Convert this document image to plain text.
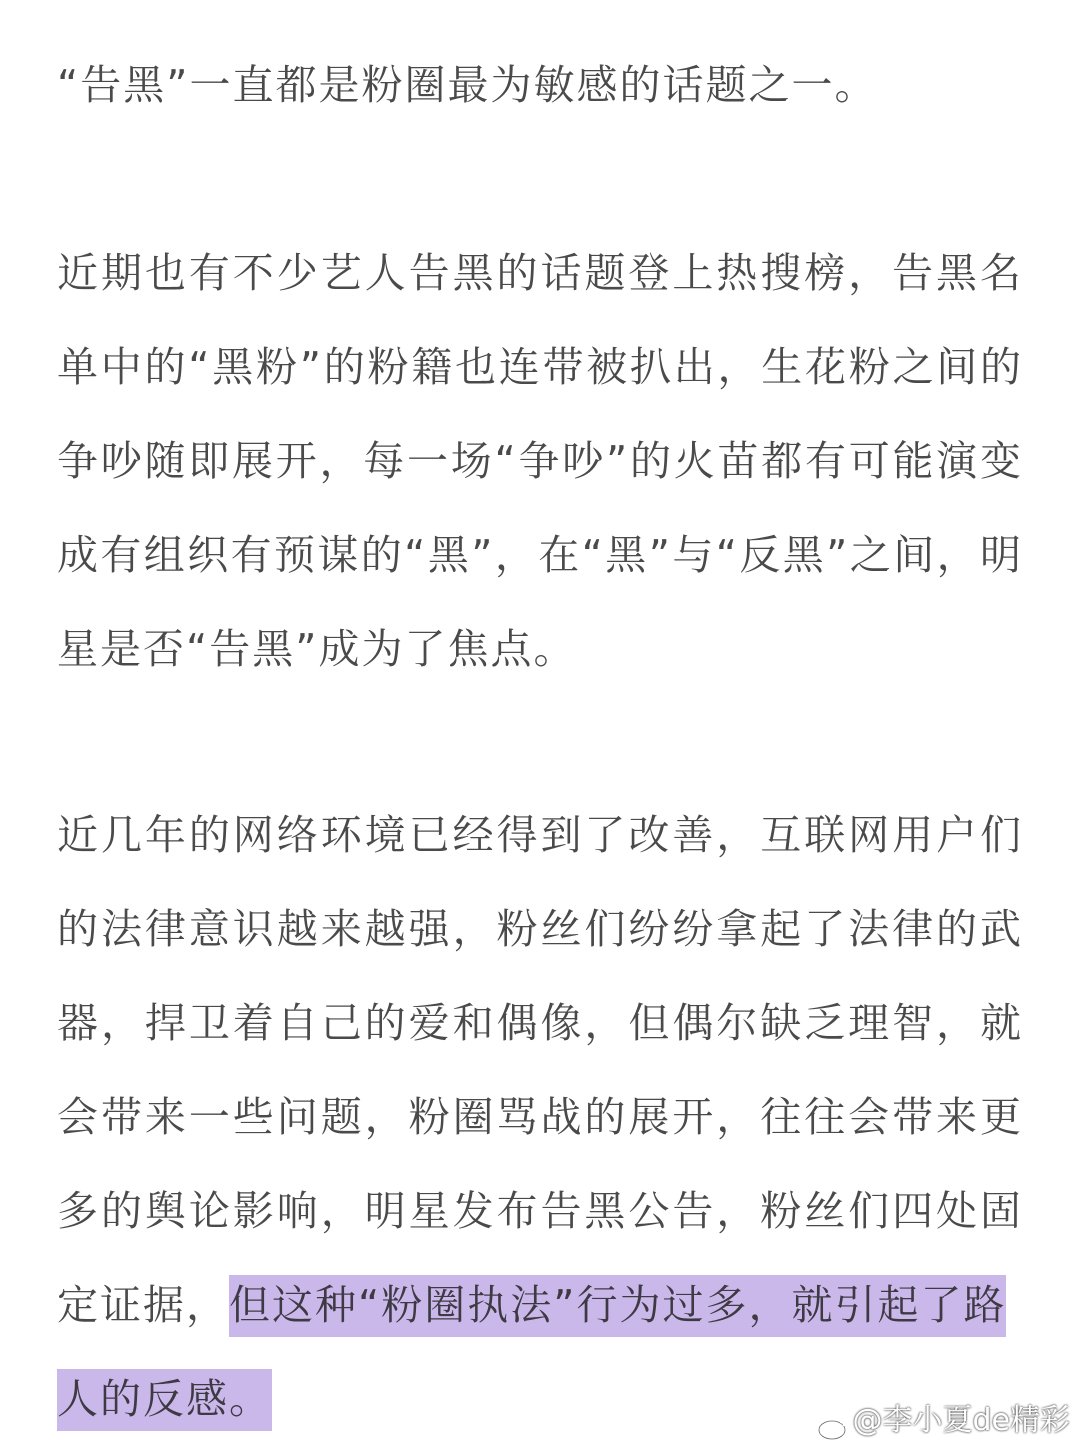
“告黑”一直都是粉圈最为敏感的话题之一。
近期也有不少艺人告黑的话题登上热搜榜，告黑名
单中的“黑粉”的粉籍也连带被扒出，生花粉之间的
争吵随即展开，每一场“争吵”的火苗都有可能演变
成有组织有预谋的“黑”，在“黑”与“反黑”之间，明
星是否“告黑”成为了焦点。
近几年的网络环境已经得到了改善，互联网用户们
的法律意识越来越强，粉丝们纷纷拿起了法律的武
器，捍卫着自己的爱和偶像，但偶尔缺乏理智，就
会带来一些问题，粉圈骂战的展开，往往会带来更
多的舆论影响，明星发布告黑公告，粉丝们四处固
定证据，但这种“粉圈执法”行为过多，就引起了路
人的反感。	@李小夏de精彩
